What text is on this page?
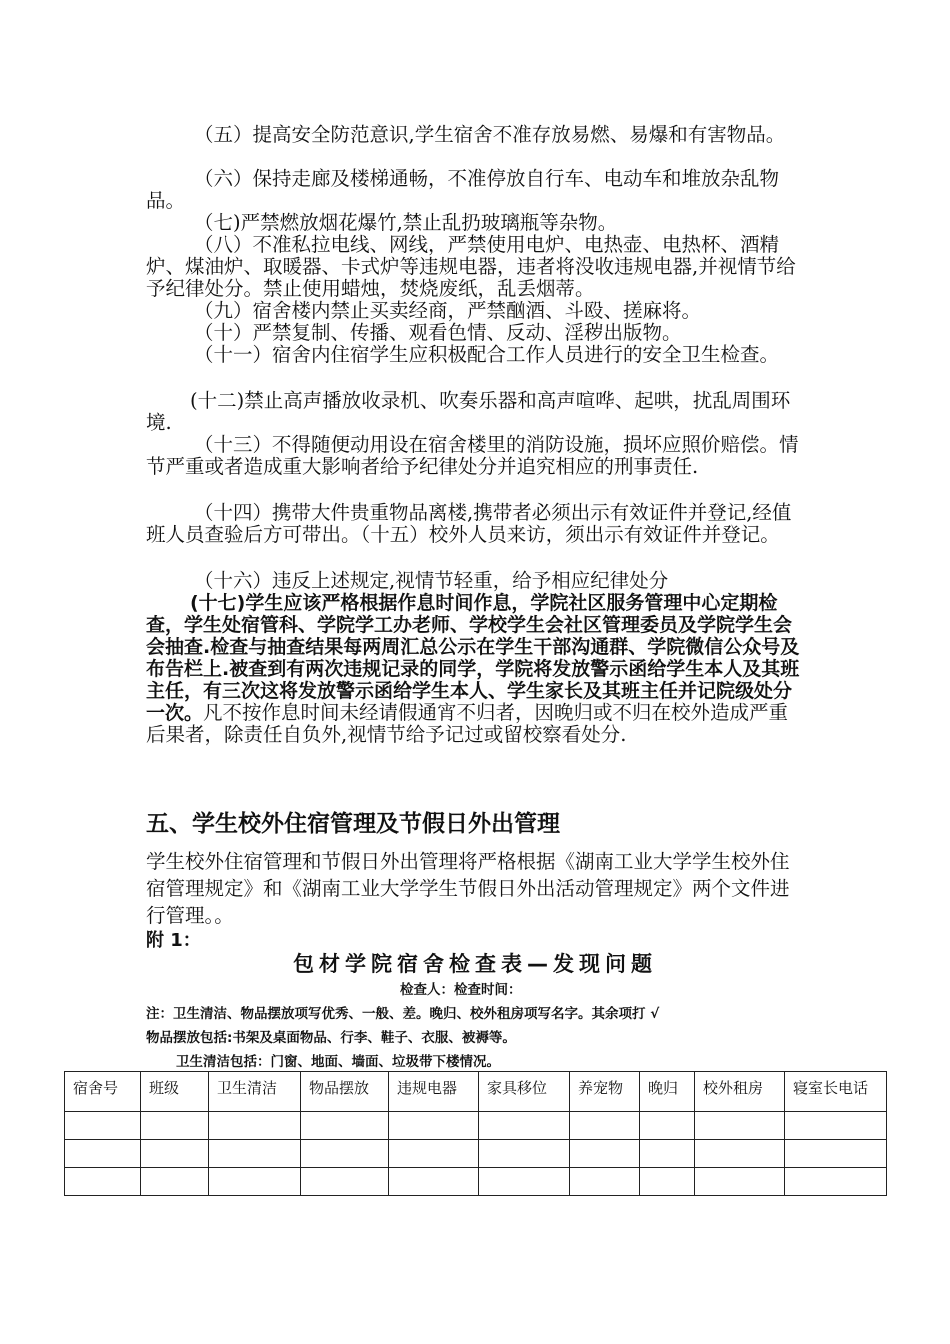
（五）提高安全防范意识,学生宿舍不准存放易燃、易爆和有害物品。

（六）保持走廊及楼梯通畅，不准停放自行车、电动车和堆放杂乱物品。

（七)严禁燃放烟花爆竹,禁止乱扔玻璃瓶等杂物。

（八）不准私拉电线、网线，严禁使用电炉、电热壶、电热杯、酒精炉、煤油炉、取暖器、卡式炉等违规电器，违者将没收违规电器,并视情节给予纪律处分。禁止使用蜡烛，焚烧废纸，乱丢烟蒂。

（九）宿舍楼内禁止买卖经商，严禁酗酒、斗殴、搓麻将。

（十）严禁复制、传播、观看色情、反动、淫秽出版物。

（十一）宿舍内住宿学生应积极配合工作人员进行的安全卫生检查。

(十二)禁止高声播放收录机、吹奏乐器和高声喧哗、起哄，扰乱周围环境.

（十三）不得随便动用设在宿舍楼里的消防设施，损坏应照价赔偿。情节严重或者造成重大影响者给予纪律处分并追究相应的刑事责任.

（十四）携带大件贵重物品离楼,携带者必须出示有效证件并登记,经值班人员查验后方可带出。（十五）校外人员来访，须出示有效证件并登记。

（十六）违反上述规定,视情节轻重，给予相应纪律处分

(十七)学生应该严格根据作息时间作息，学院社区服务管理中心定期检查，学生处宿管科、学院学工办老师、学校学生会社区管理委员及学院学生会会抽查.检查与抽查结果每两周汇总公示在学生干部沟通群、学院微信公众号及布告栏上.被查到有两次违规记录的同学，学院将发放警示函给学生本人及其班主任，有三次这将发放警示函给学生本人、学生家长及其班主任并记院级处分一次。凡不按作息时间未经请假通宵不归者，因晚归或不归在校外造成严重后果者，除责任自负外,视情节给予记过或留校察看处分.

五、学生校外住宿管理及节假日外出管理

学生校外住宿管理和节假日外出管理将严格根据《湖南工业大学学生校外住宿管理规定》和《湖南工业大学学生节假日外出活动管理规定》两个文件进行管理。。

附 1：

包材学院宿舍检查表—发现问题

检查人：检查时间：

注：卫生清洁、物品摆放项写优秀、一般、差。晚归、校外租房项写名字。其余项打 √

物品摆放包括:书架及桌面物品、行李、鞋子、衣服、被褥等。

卫生清洁包括：门窗、地面、墙面、垃圾带下楼情况。

宿舍号	班级	卫生清洁	物品摆放	违规电器	家具移位	养宠物	晚归	校外租房	寝室长电话
